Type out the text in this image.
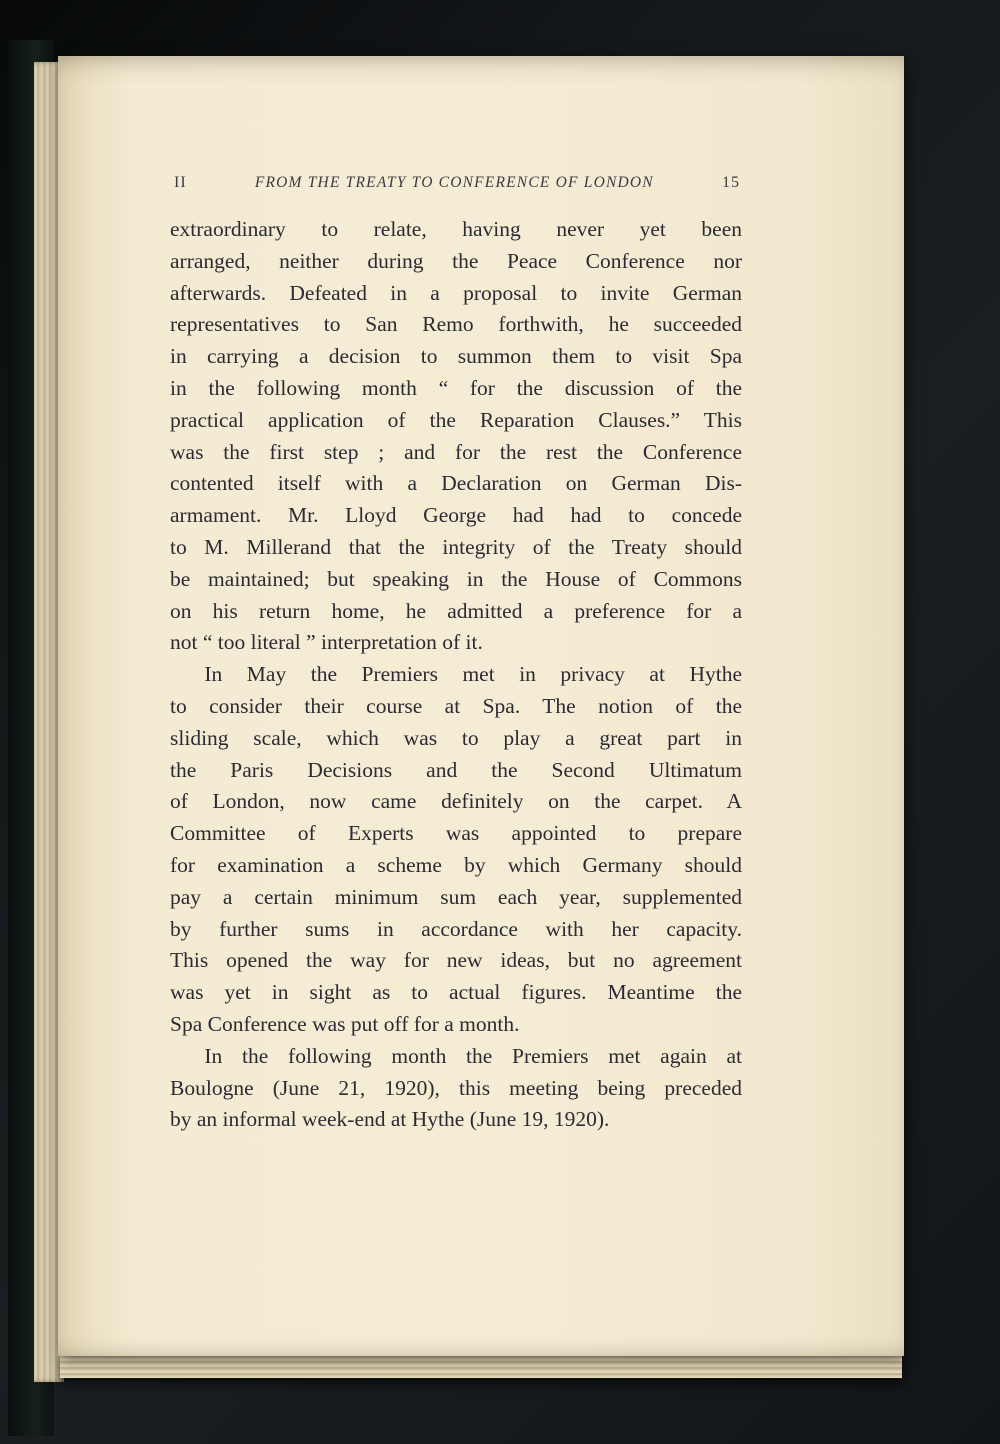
II	FROM THE TREATY TO CONFERENCE OF LONDON	15

extraordinary to relate, having never yet been
arranged, neither during the Peace Conference nor
afterwards. Defeated in a proposal to invite German
representatives to San Remo forthwith, he succeeded
in carrying a decision to summon them to visit Spa
in the following month “ for the discussion of the
practical application of the Reparation Clauses.” This
was the first step ; and for the rest the Conference
contented itself with a Declaration on German Dis-
armament. Mr. Lloyd George had had to concede
to M. Millerand that the integrity of the Treaty should
be maintained; but speaking in the House of Commons
on his return home, he admitted a preference for a
not “ too literal ” interpretation of it.

In May the Premiers met in privacy at Hythe
to consider their course at Spa. The notion of the
sliding scale, which was to play a great part in
the Paris Decisions and the Second Ultimatum
of London, now came definitely on the carpet. A
Committee of Experts was appointed to prepare
for examination a scheme by which Germany should
pay a certain minimum sum each year, supplemented
by further sums in accordance with her capacity.
This opened the way for new ideas, but no agreement
was yet in sight as to actual figures. Meantime the
Spa Conference was put off for a month.

In the following month the Premiers met again at
Boulogne (June 21, 1920), this meeting being preceded
by an informal week-end at Hythe (June 19, 1920).
